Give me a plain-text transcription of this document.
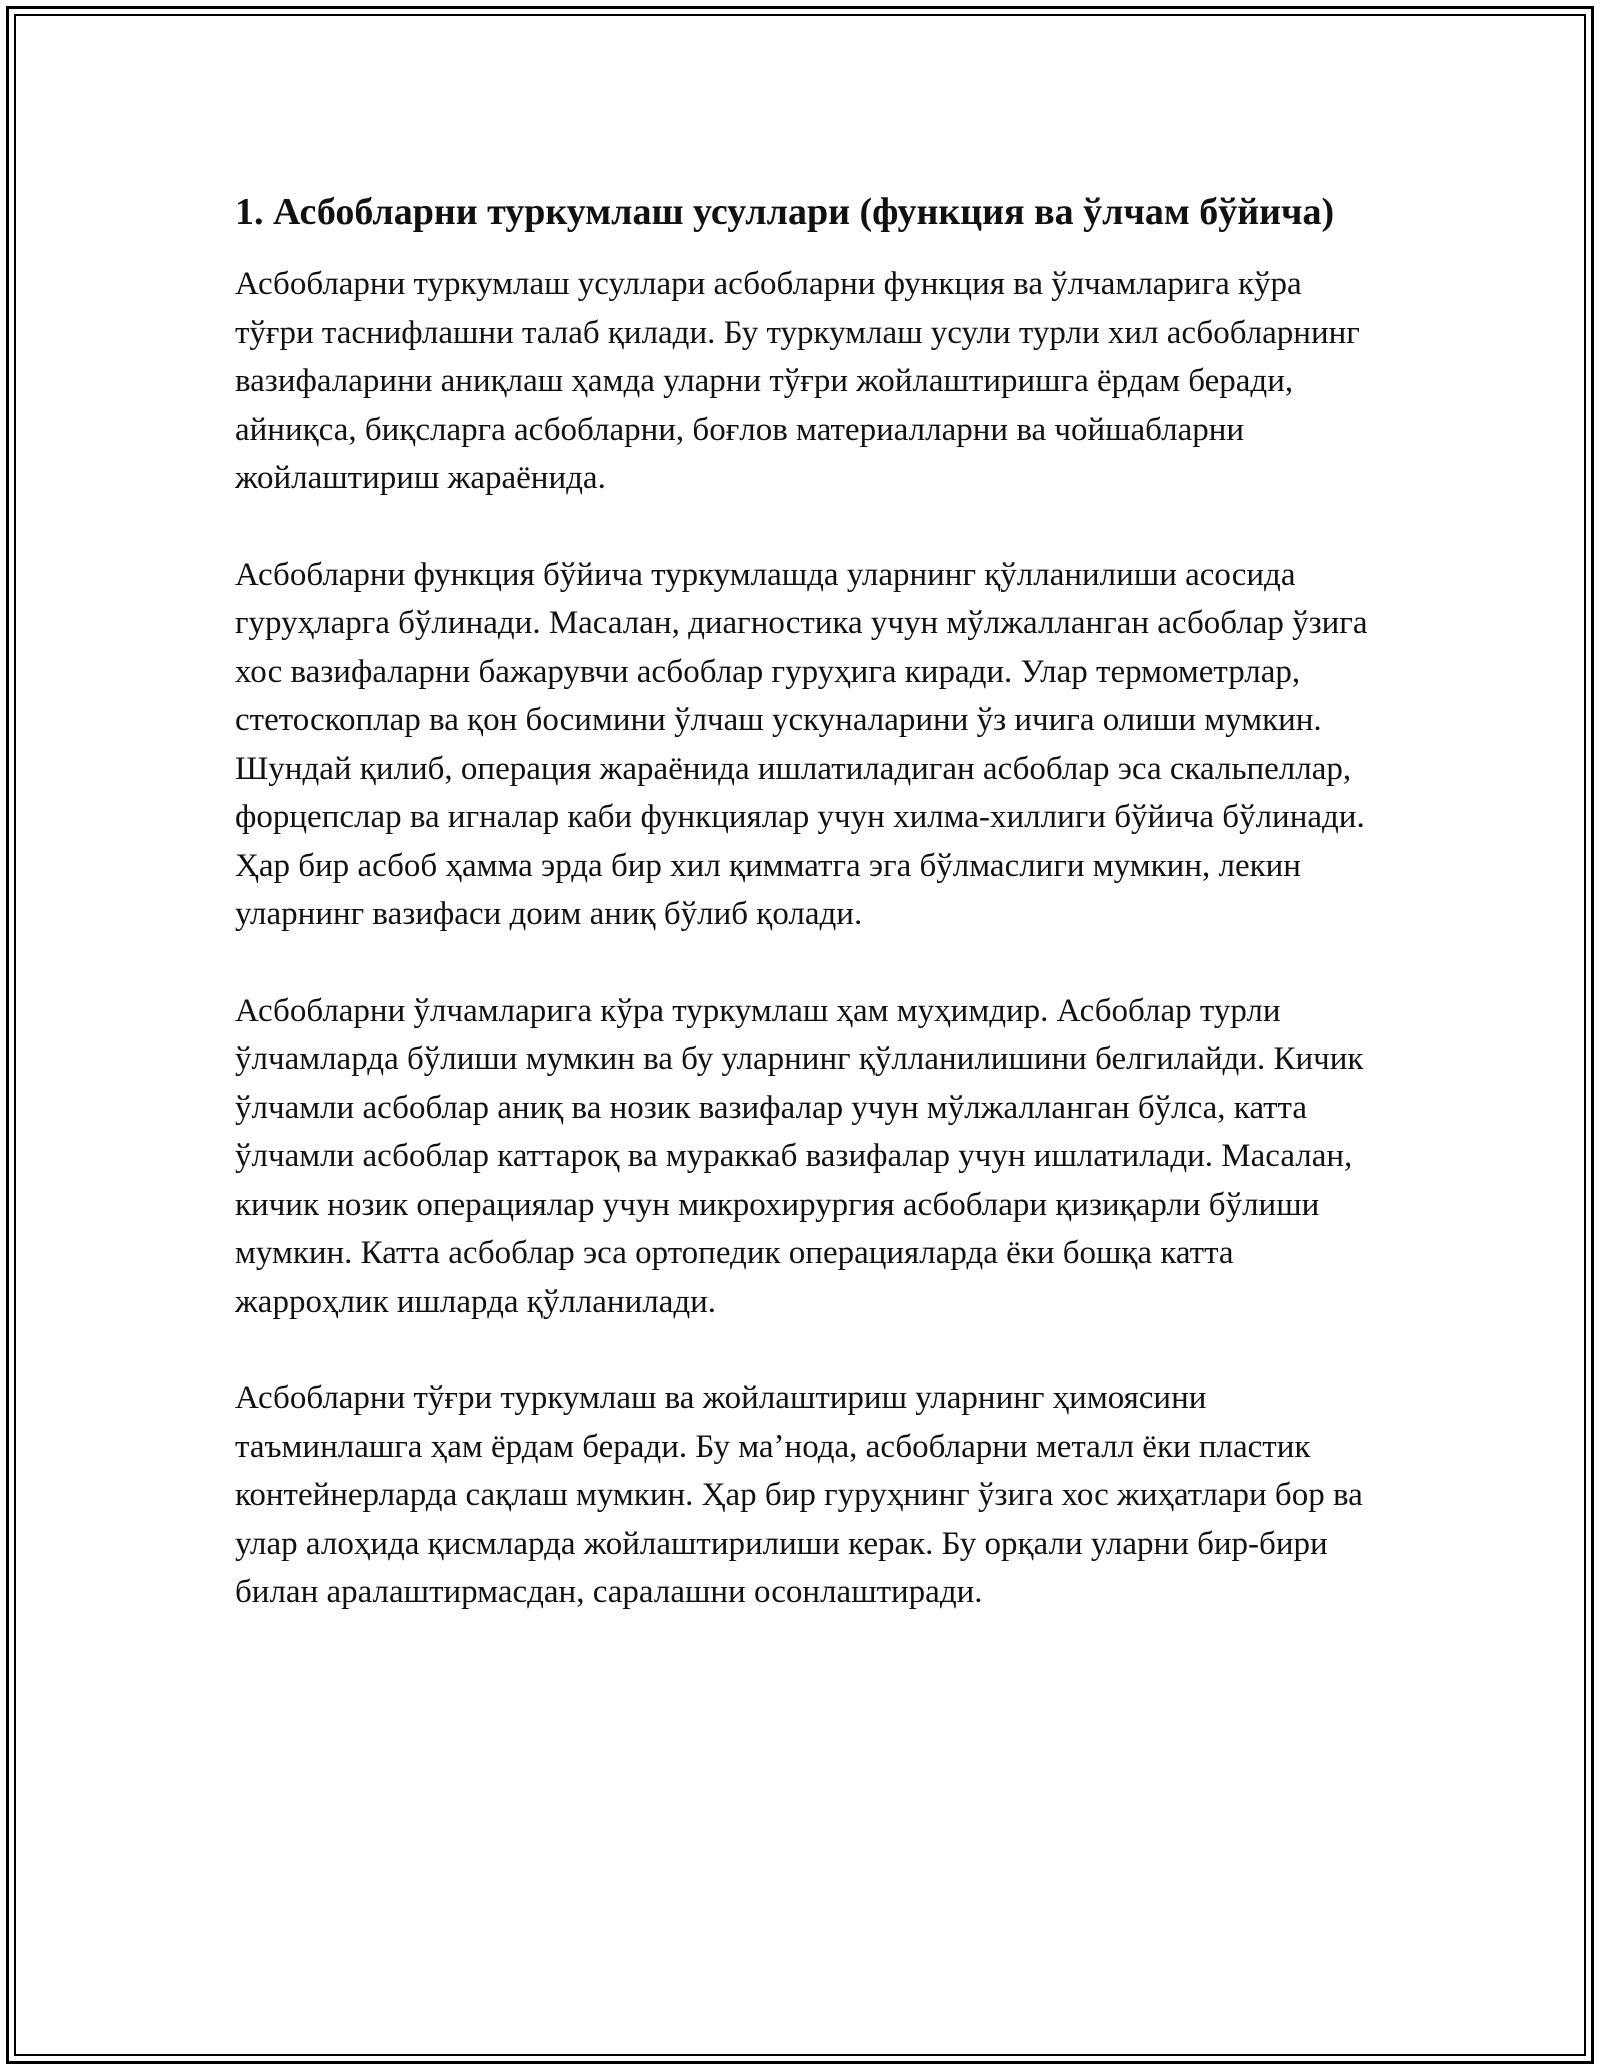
1. Асбобларни туркумлаш усуллари (функция ва ўлчам бўйича)

Асбобларни туркумлаш усуллари асбобларни функция ва ўлчамларига кўра тўғри таснифлашни талаб қилади. Бу туркумлаш усули турли хил асбобларнинг вазифаларини аниқлаш ҳамда уларни тўғри жойлаштиришга ёрдам беради, айниқса, биқсларга асбобларни, боғлов материалларни ва чойшабларни жойлаштириш жараёнида.

Асбобларни функция бўйича туркумлашда уларнинг қўлланилиши асосида гуруҳларга бўлинади. Масалан, диагностика учун мўлжалланган асбоблар ўзига хос вазифаларни бажарувчи асбоблар гуруҳига киради. Улар термометрлар, стетоскоплар ва қон босимини ўлчаш ускуналарини ўз ичига олиши мумкин. Шундай қилиб, операция жараёнида ишлатиладиган асбоблар эса скальпеллар, форцепслар ва игналар каби функциялар учун хилма-хиллиги бўйича бўлинади. Ҳар бир асбоб ҳамма эрда бир хил қимматга эга бўлмаслиги мумкин, лекин уларнинг вазифаси доим аниқ бўлиб қолади.

Асбобларни ўлчамларига кўра туркумлаш ҳам муҳимдир. Асбоблар турли ўлчамларда бўлиши мумкин ва бу уларнинг қўлланилишини белгилайди. Кичик ўлчамли асбоблар аниқ ва нозик вазифалар учун мўлжалланган бўлса, катта ўлчамли асбоблар каттароқ ва мураккаб вазифалар учун ишлатилади. Масалан, кичик нозик операциялар учун микрохирургия асбоблари қизиқарли бўлиши мумкин. Катта асбоблар эса ортопедик операцияларда ёки бошқа катта жарроҳлик ишларда қўлланилади.

Асбобларни тўғри туркумлаш ва жойлаштириш уларнинг ҳимоясини таъминлашга ҳам ёрдам беради. Бу маʼнода, асбобларни металл ёки пластик контейнерларда сақлаш мумкин. Ҳар бир гуруҳнинг ўзига хос жиҳатлари бор ва улар алоҳида қисмларда жойлаштирилиши керак. Бу орқали уларни бир-бири билан аралаштирмасдан, саралашни осонлаштиради.
